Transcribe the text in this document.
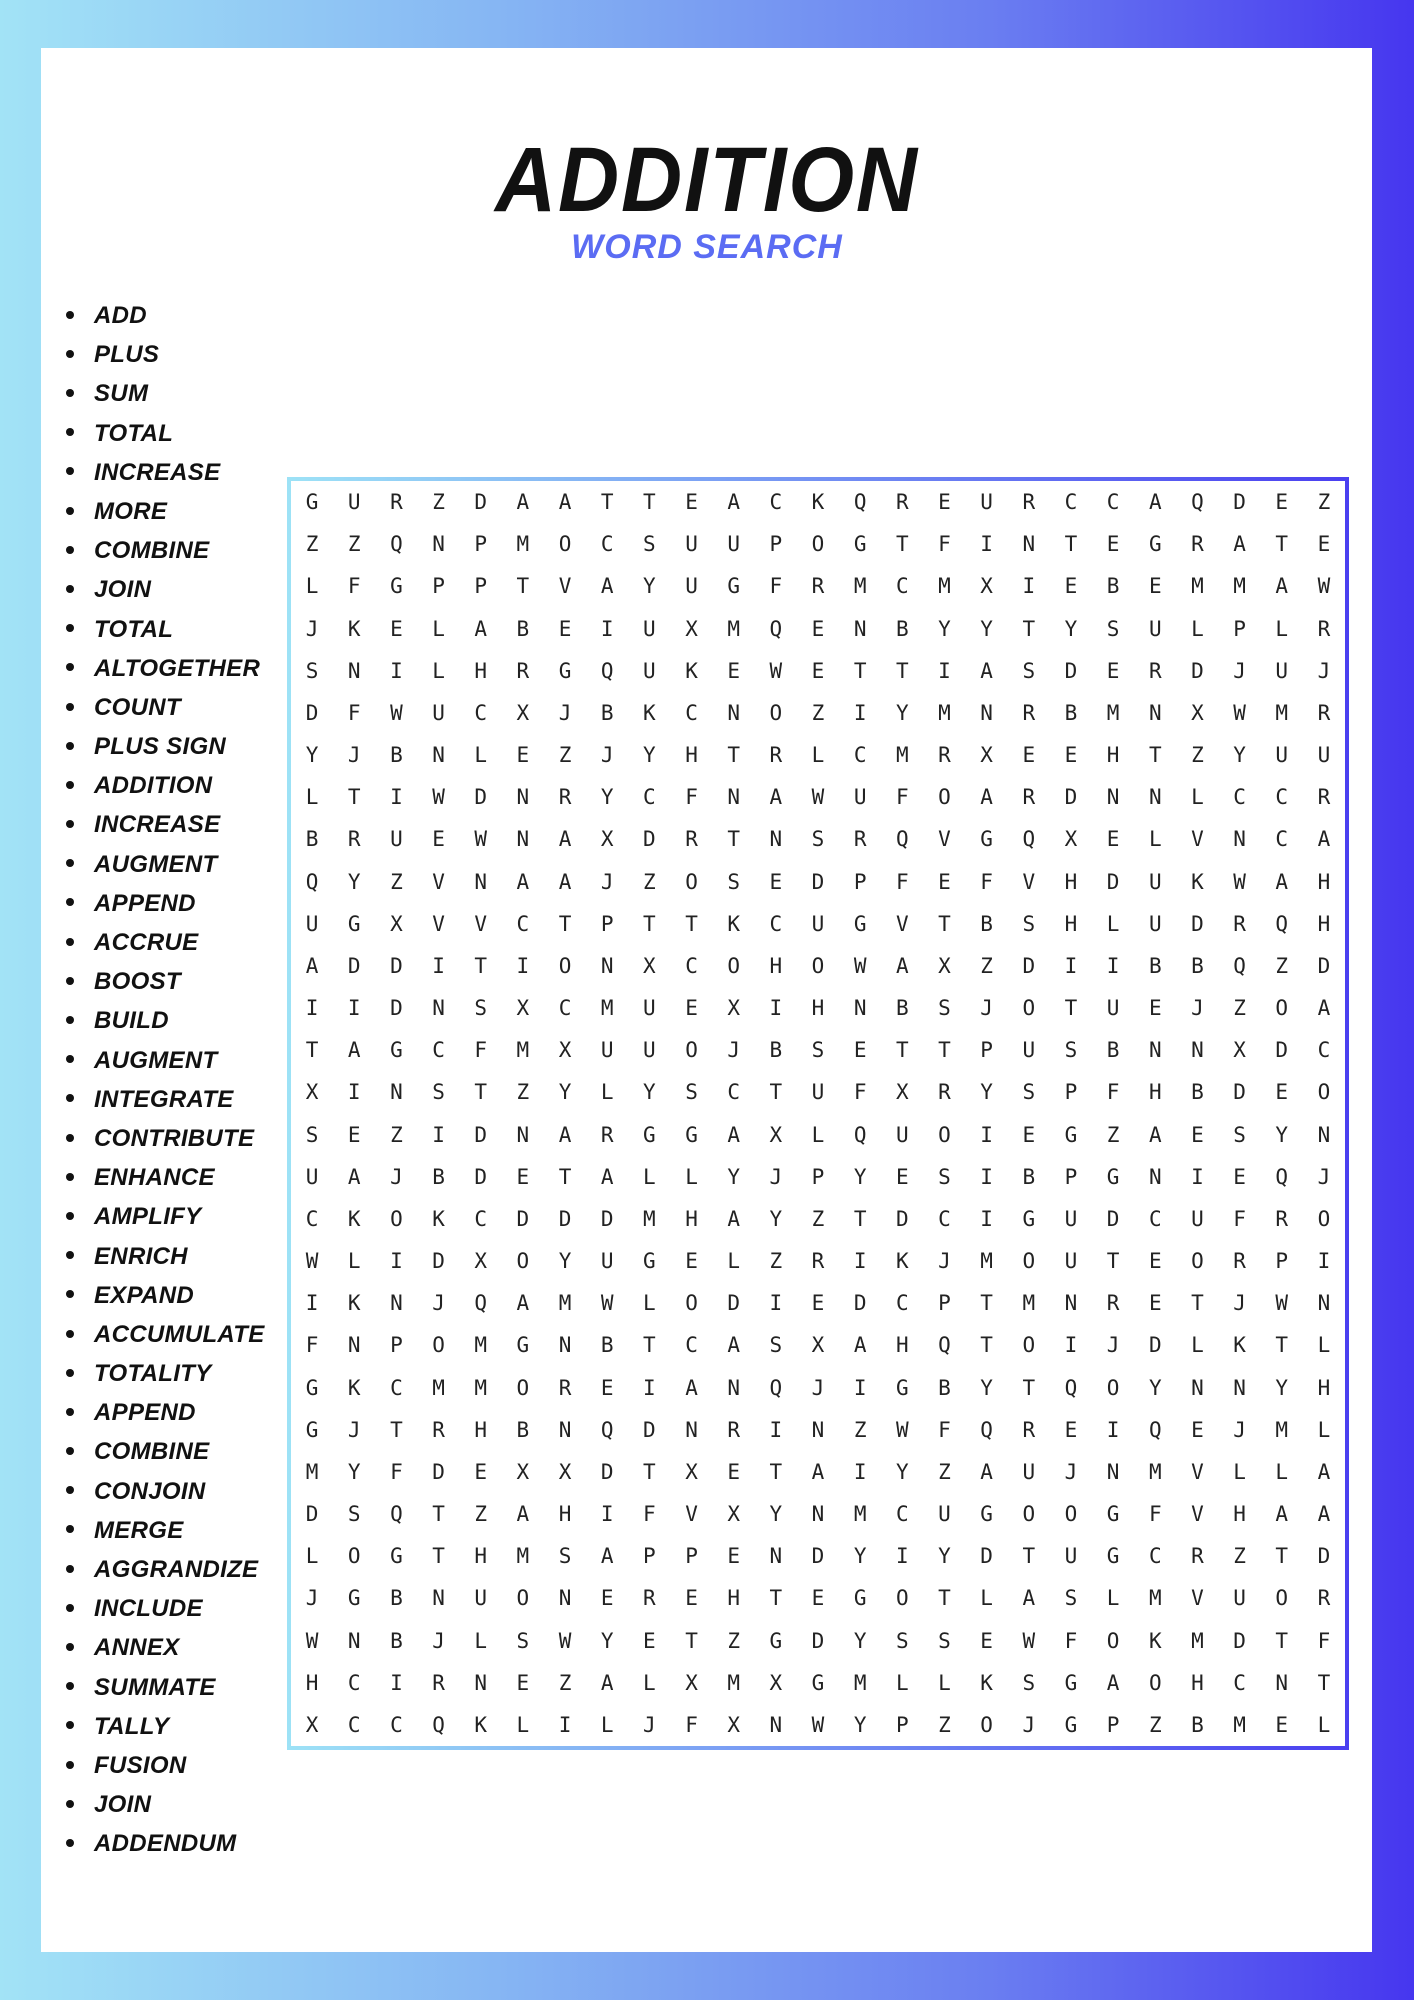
ADDITION
WORD SEARCH
ADD
PLUS
SUM
TOTAL
INCREASE
MORE
COMBINE
JOIN
TOTAL
ALTOGETHER
COUNT
PLUS SIGN
ADDITION
INCREASE
AUGMENT
APPEND
ACCRUE
BOOST
BUILD
AUGMENT
INTEGRATE
CONTRIBUTE
ENHANCE
AMPLIFY
ENRICH
EXPAND
ACCUMULATE
TOTALITY
APPEND
COMBINE
CONJOIN
MERGE
AGGRANDIZE
INCLUDE
ANNEX
SUMMATE
TALLY
FUSION
JOIN
ADDENDUM
G	U	R	Z	D	A	A	T	T	E	A	C	K	Q	R	E	U	R	C	C	A	Q	D	E	Z
Z	Z	Q	N	P	M	O	C	S	U	U	P	O	G	T	F	I	N	T	E	G	R	A	T	E
L	F	G	P	P	T	V	A	Y	U	G	F	R	M	C	M	X	I	E	B	E	M	M	A	W
J	K	E	L	A	B	E	I	U	X	M	Q	E	N	B	Y	Y	T	Y	S	U	L	P	L	R
S	N	I	L	H	R	G	Q	U	K	E	W	E	T	T	I	A	S	D	E	R	D	J	U	J
D	F	W	U	C	X	J	B	K	C	N	O	Z	I	Y	M	N	R	B	M	N	X	W	M	R
Y	J	B	N	L	E	Z	J	Y	H	T	R	L	C	M	R	X	E	E	H	T	Z	Y	U	U
L	T	I	W	D	N	R	Y	C	F	N	A	W	U	F	O	A	R	D	N	N	L	C	C	R
B	R	U	E	W	N	A	X	D	R	T	N	S	R	Q	V	G	Q	X	E	L	V	N	C	A
Q	Y	Z	V	N	A	A	J	Z	O	S	E	D	P	F	E	F	V	H	D	U	K	W	A	H
U	G	X	V	V	C	T	P	T	T	K	C	U	G	V	T	B	S	H	L	U	D	R	Q	H
A	D	D	I	T	I	O	N	X	C	O	H	O	W	A	X	Z	D	I	I	B	B	Q	Z	D
I	I	D	N	S	X	C	M	U	E	X	I	H	N	B	S	J	O	T	U	E	J	Z	O	A
T	A	G	C	F	M	X	U	U	O	J	B	S	E	T	T	P	U	S	B	N	N	X	D	C
X	I	N	S	T	Z	Y	L	Y	S	C	T	U	F	X	R	Y	S	P	F	H	B	D	E	O
S	E	Z	I	D	N	A	R	G	G	A	X	L	Q	U	O	I	E	G	Z	A	E	S	Y	N
U	A	J	B	D	E	T	A	L	L	Y	J	P	Y	E	S	I	B	P	G	N	I	E	Q	J
C	K	O	K	C	D	D	D	M	H	A	Y	Z	T	D	C	I	G	U	D	C	U	F	R	O
W	L	I	D	X	O	Y	U	G	E	L	Z	R	I	K	J	M	O	U	T	E	O	R	P	I
I	K	N	J	Q	A	M	W	L	O	D	I	E	D	C	P	T	M	N	R	E	T	J	W	N
F	N	P	O	M	G	N	B	T	C	A	S	X	A	H	Q	T	O	I	J	D	L	K	T	L
G	K	C	M	M	O	R	E	I	A	N	Q	J	I	G	B	Y	T	Q	O	Y	N	N	Y	H
G	J	T	R	H	B	N	Q	D	N	R	I	N	Z	W	F	Q	R	E	I	Q	E	J	M	L
M	Y	F	D	E	X	X	D	T	X	E	T	A	I	Y	Z	A	U	J	N	M	V	L	L	A
D	S	Q	T	Z	A	H	I	F	V	X	Y	N	M	C	U	G	O	O	G	F	V	H	A	A
L	O	G	T	H	M	S	A	P	P	E	N	D	Y	I	Y	D	T	U	G	C	R	Z	T	D
J	G	B	N	U	O	N	E	R	E	H	T	E	G	O	T	L	A	S	L	M	V	U	O	R
W	N	B	J	L	S	W	Y	E	T	Z	G	D	Y	S	S	E	W	F	O	K	M	D	T	F
H	C	I	R	N	E	Z	A	L	X	M	X	G	M	L	L	K	S	G	A	O	H	C	N	T
X	C	C	Q	K	L	I	L	J	F	X	N	W	Y	P	Z	O	J	G	P	Z	B	M	E	L
